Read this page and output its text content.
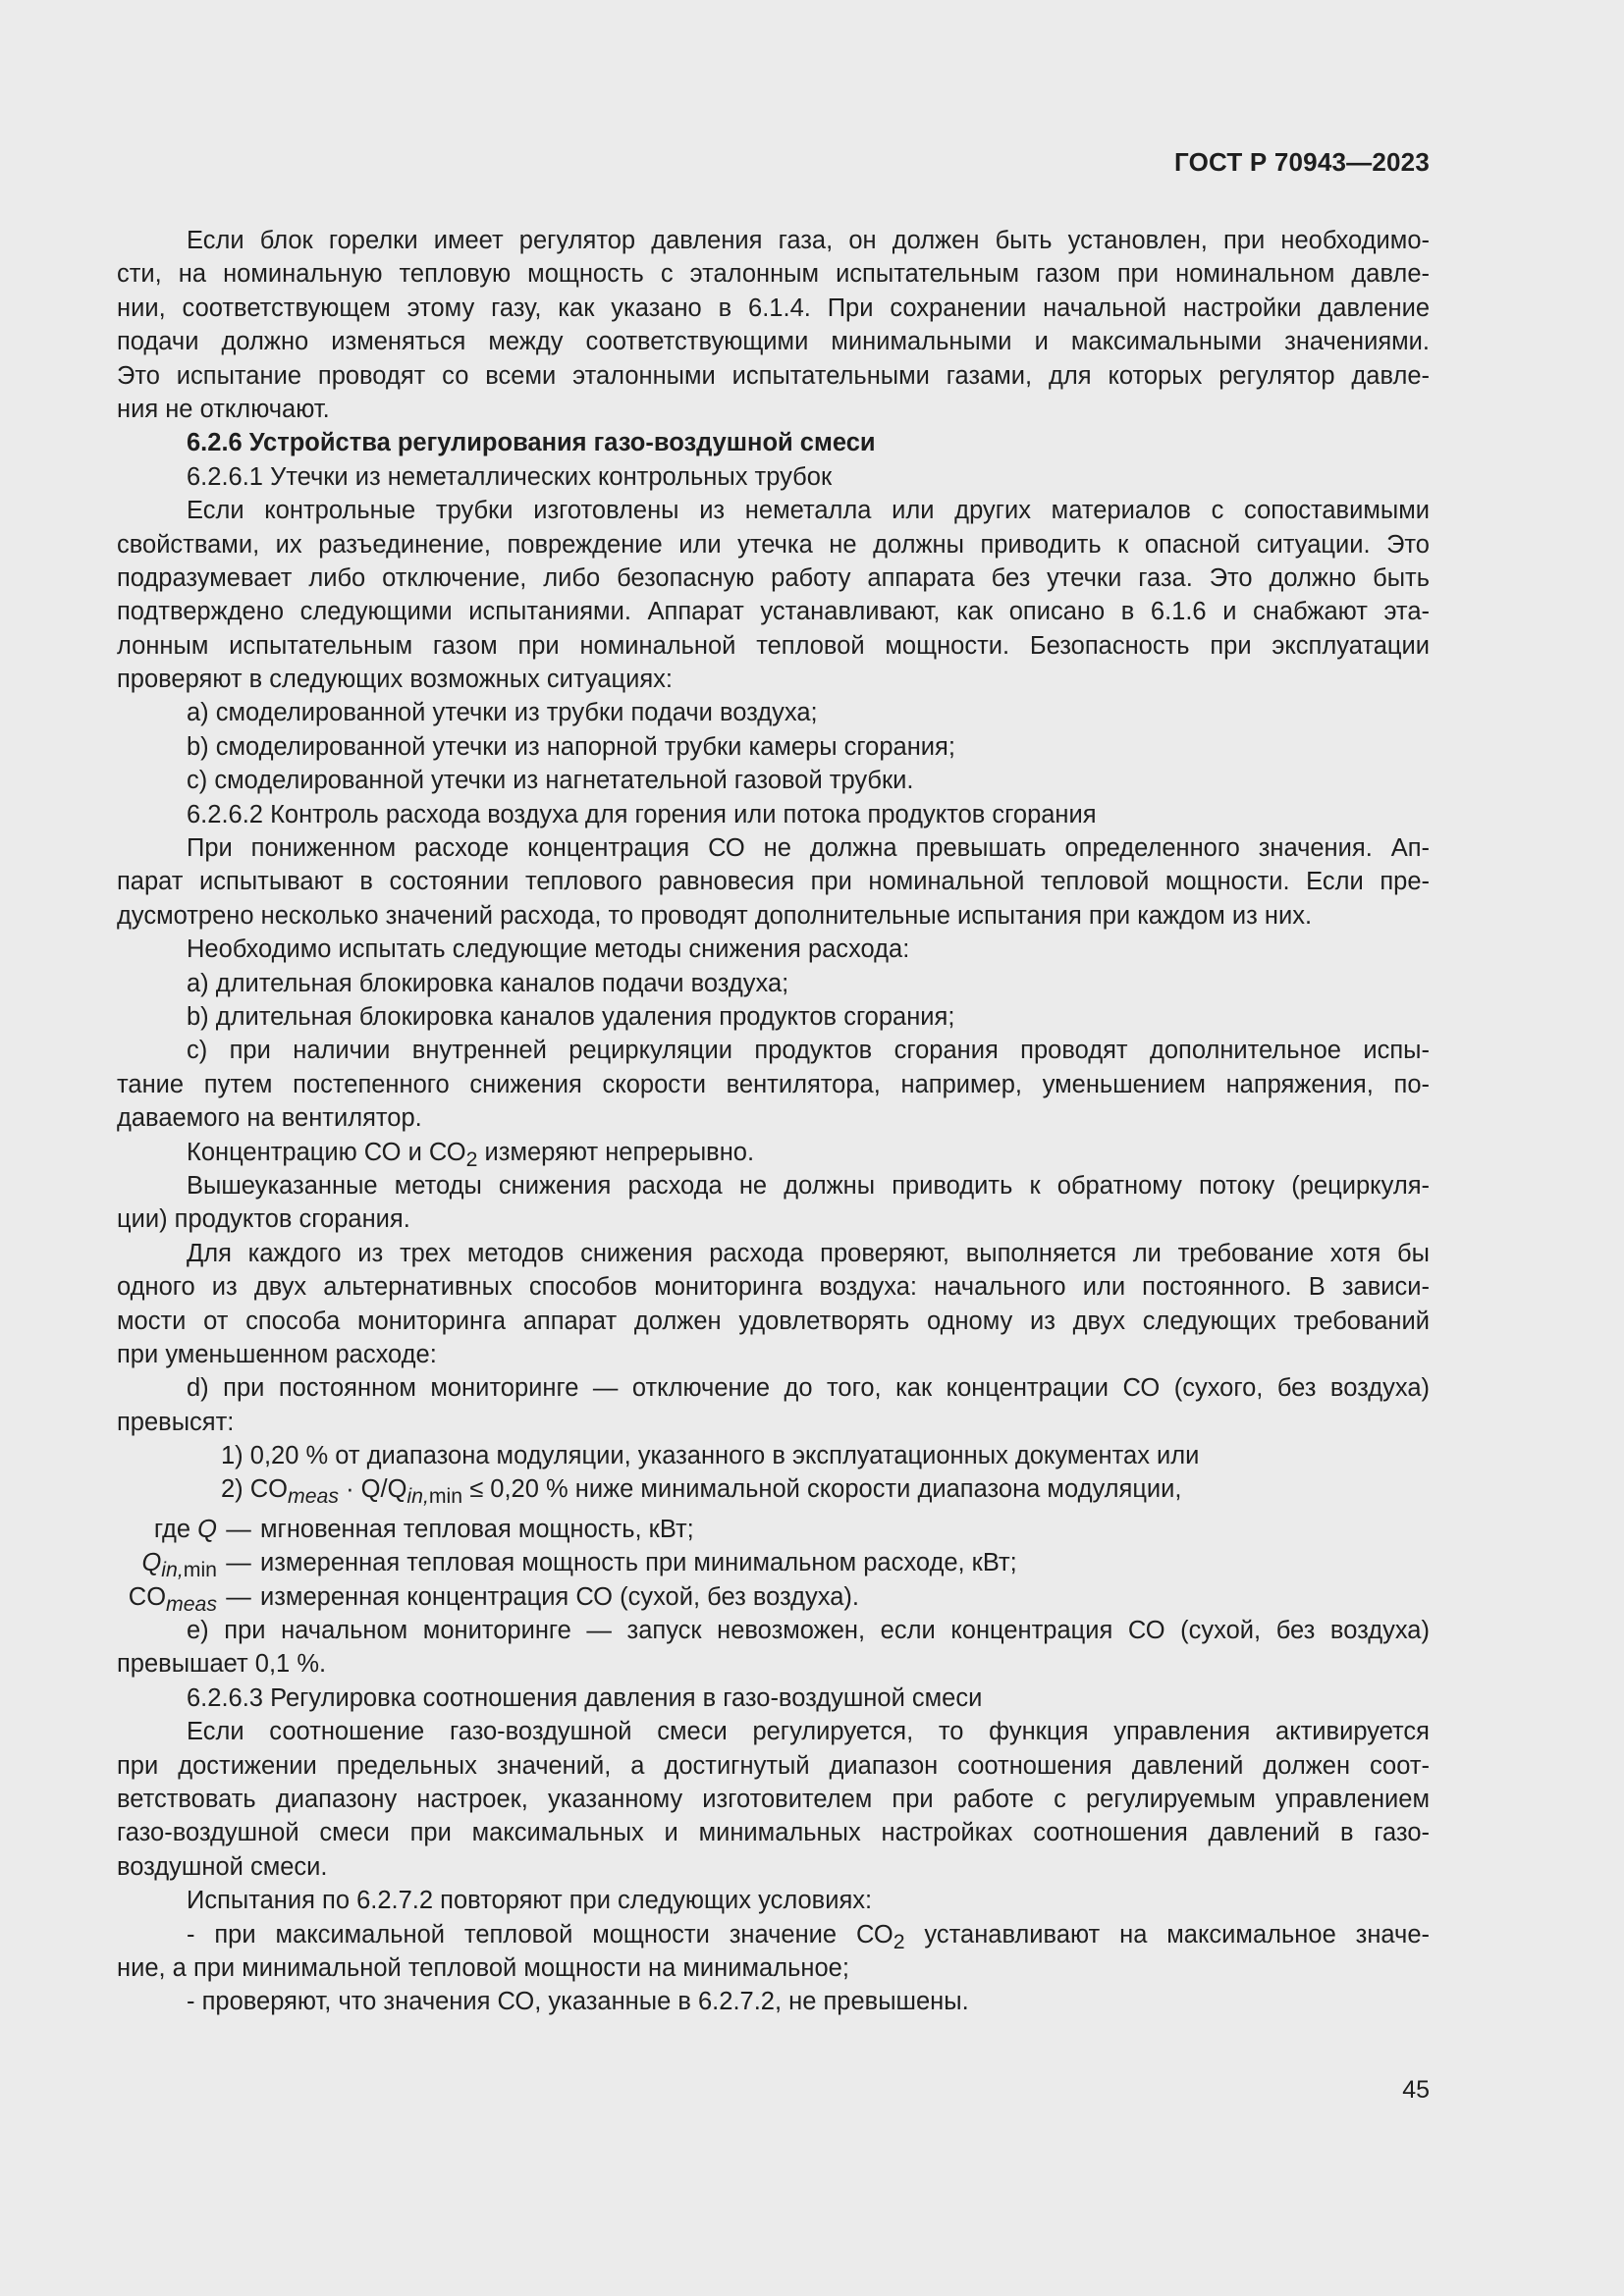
ГОСТ Р 70943—2023
Если блок горелки имеет регулятор давления газа, он должен быть установлен, при необходимо-
сти, на номинальную тепловую мощность с эталонным испытательным газом при номинальном давле-
нии, соответствующем этому газу, как указано в 6.1.4. При сохранении начальной настройки давление
подачи должно изменяться между соответствующими минимальными и максимальными значениями.
Это испытание проводят со всеми эталонными испытательными газами, для которых регулятор давле-
ния не отключают.
6.2.6 Устройства регулирования газо-воздушной смеси
6.2.6.1 Утечки из неметаллических контрольных трубок
Если контрольные трубки изготовлены из неметалла или других материалов с сопоставимыми
свойствами, их разъединение, повреждение или утечка не должны приводить к опасной ситуации. Это
подразумевает либо отключение, либо безопасную работу аппарата без утечки газа. Это должно быть
подтверждено следующими испытаниями. Аппарат устанавливают, как описано в 6.1.6 и снабжают эта-
лонным испытательным газом при номинальной тепловой мощности. Безопасность при эксплуатации
проверяют в следующих возможных ситуациях:
a) смоделированной утечки из трубки подачи воздуха;
b) смоделированной утечки из напорной трубки камеры сгорания;
c) смоделированной утечки из нагнетательной газовой трубки.
6.2.6.2 Контроль расхода воздуха для горения или потока продуктов сгорания
При пониженном расходе концентрация СО не должна превышать определенного значения. Ап-
парат испытывают в состоянии теплового равновесия при номинальной тепловой мощности. Если пре-
дусмотрено несколько значений расхода, то проводят дополнительные испытания при каждом из них.
Необходимо испытать следующие методы снижения расхода:
a) длительная блокировка каналов подачи воздуха;
b) длительная блокировка каналов удаления продуктов сгорания;
c) при наличии внутренней рециркуляции продуктов сгорания проводят дополнительное испы-
тание путем постепенного снижения скорости вентилятора, например, уменьшением напряжения, по-
даваемого на вентилятор.
Концентрацию СО и $СО_2$ измеряют непрерывно.
Вышеуказанные методы снижения расхода не должны приводить к обратному потоку (рециркуля-
ции) продуктов сгорания.
Для каждого из трех методов снижения расхода проверяют, выполняется ли требование хотя бы
одного из двух альтернативных способов мониторинга воздуха: начального или постоянного. В зависи-
мости от способа мониторинга аппарат должен удовлетворять одному из двух следующих требований
при уменьшенном расходе:
d) при постоянном мониторинге — отключение до того, как концентрации СО (сухого, без воздуха)
превысят:
1) 0,20 % от диапазона модуляции, указанного в эксплуатационных документах или
2) $CO_{meas} \cdot Q/Q_{in,min} \le 0,20$ % ниже минимальной скорости диапазона модуляции,
где Q — мгновенная тепловая мощность, кВт;
$Q_{in,min}$ — измеренная тепловая мощность при минимальном расходе, кВт;
$CO_{meas}$ — измеренная концентрация СО (сухой, без воздуха).
e) при начальном мониторинге — запуск невозможен, если концентрация СО (сухой, без воздуха)
превышает 0,1 %.
6.2.6.3 Регулировка соотношения давления в газо-воздушной смеси
Если соотношение газо-воздушной смеси регулируется, то функция управления активируется
при достижении предельных значений, а достигнутый диапазон соотношения давлений должен соот-
ветствовать диапазону настроек, указанному изготовителем при работе с регулируемым управлением
газо-воздушной смеси при максимальных и минимальных настройках соотношения давлений в газо-
воздушной смеси.
Испытания по 6.2.7.2 повторяют при следующих условиях:
- при максимальной тепловой мощности значение $СО_2$ устанавливают на максимальное значе-
ние, а при минимальной тепловой мощности на минимальное;
- проверяют, что значения СО, указанные в 6.2.7.2, не превышены.
45
